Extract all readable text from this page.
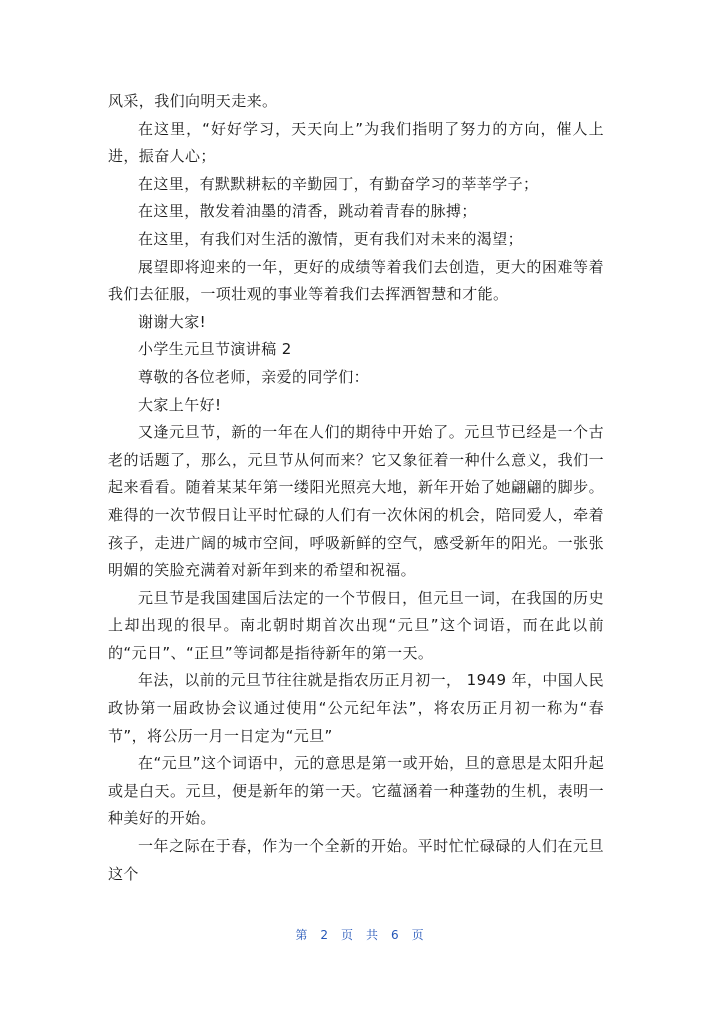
风采，我们向明天走来。

在这里，“好好学习，天天向上”为我们指明了努力的方向，催人上进，振奋人心；

在这里，有默默耕耘的辛勤园丁，有勤奋学习的莘莘学子；

在这里，散发着油墨的清香，跳动着青春的脉搏；

在这里，有我们对生活的激情，更有我们对未来的渴望；

展望即将迎来的一年，更好的成绩等着我们去创造，更大的困难等着我们去征服，一项壮观的事业等着我们去挥洒智慧和才能。

谢谢大家!

小学生元旦节演讲稿 2

尊敬的各位老师，亲爱的同学们：

大家上午好!

又逢元旦节，新的一年在人们的期待中开始了。元旦节已经是一个古老的话题了，那么，元旦节从何而来？它又象征着一种什么意义，我们一起来看看。随着某某年第一缕阳光照亮大地，新年开始了她翩翩的脚步。难得的一次节假日让平时忙碌的人们有一次休闲的机会，陪同爱人，牵着孩子，走进广阔的城市空间，呼吸新鲜的空气，感受新年的阳光。一张张明媚的笑脸充满着对新年到来的希望和祝福。

元旦节是我国建国后法定的一个节假日，但元旦一词，在我国的历史上却出现的很早。南北朝时期首次出现“元旦”这个词语，而在此以前的“元日”、“正旦”等词都是指待新年的第一天。

年法，以前的元旦节往往就是指农历正月初一， 1949 年，中国人民政协第一届政协会议通过使用“公元纪年法”，将农历正月初一称为“春节”，将公历一月一日定为“元旦”

在“元旦”这个词语中，元的意思是第一或开始，旦的意思是太阳升起或是白天。元旦，便是新年的第一天。它蕴涵着一种蓬勃的生机，表明一种美好的开始。

一年之际在于春，作为一个全新的开始。平时忙忙碌碌的人们在元旦这个

第 2 页 共 6 页
